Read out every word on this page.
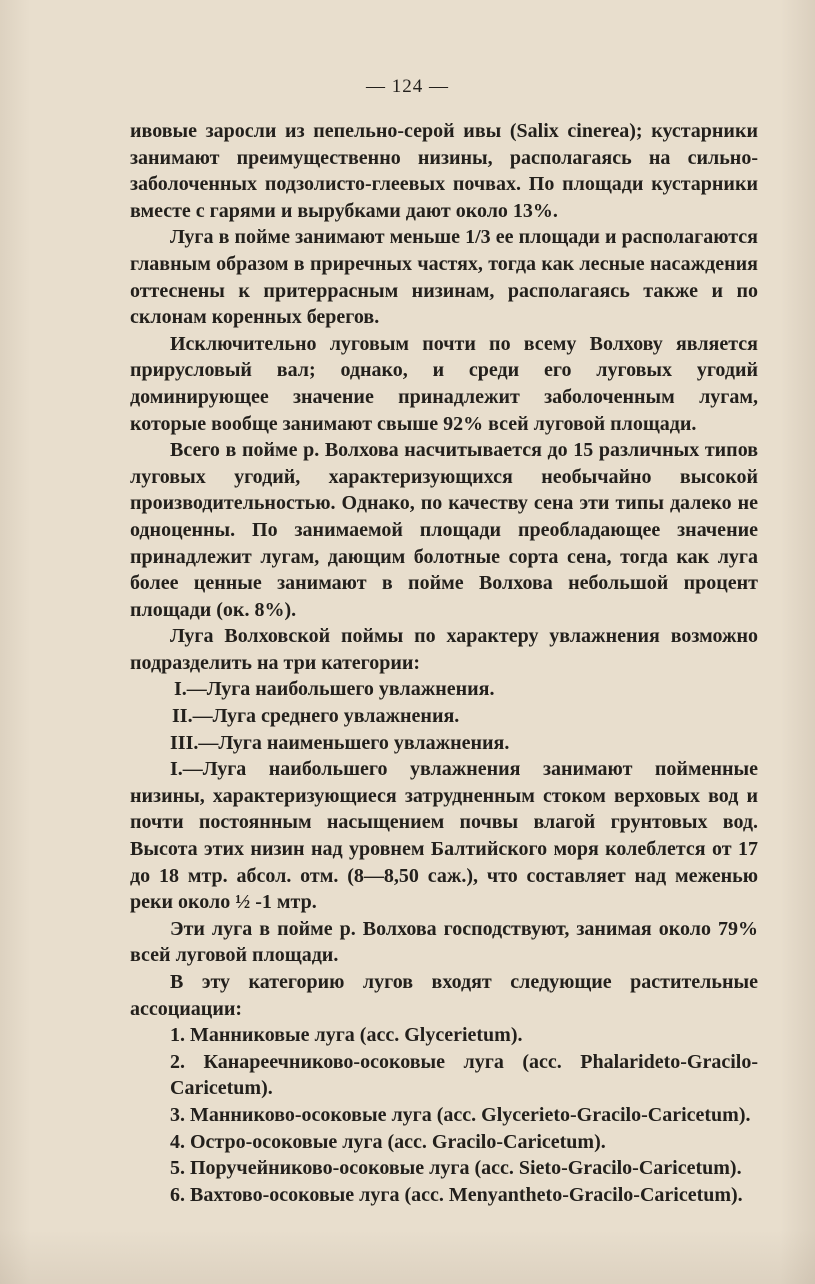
— 124 —

ивовые заросли из пепельно-серой ивы (Salix cinerea); кустарники занимают преимущественно низины, располагаясь на сильно-заболоченных подзолисто-глеевых почвах. По площади кустарники вместе с гарями и вырубками дают около 13%.

Луга в пойме занимают меньше 1/3 ее площади и располагаются главным образом в приречных частях, тогда как лесные насаждения оттеснены к притеррасным низинам, располагаясь также и по склонам коренных берегов.

Исключительно луговым почти по всему Волхову является прирусловый вал; однако, и среди его луговых угодий доминирующее значение принадлежит заболоченным лугам, которые вообще занимают свыше 92% всей луговой площади.

Всего в пойме р. Волхова насчитывается до 15 различных типов луговых угодий, характеризующихся необычайно высокой производительностью. Однако, по качеству сена эти типы далеко не одноценны. По занимаемой площади преобладающее значение принадлежит лугам, дающим болотные сорта сена, тогда как луга более ценные занимают в пойме Волхова небольшой процент площади (ок. 8%).

Луга Волховской поймы по характеру увлажнения возможно подразделить на три категории:

I.—Луга наибольшего увлажнения.

II.—Луга среднего увлажнения.

III.—Луга наименьшего увлажнения.

I.—Луга наибольшего увлажнения занимают пойменные низины, характеризующиеся затрудненным стоком верховых вод и почти постоянным насыщением почвы влагой грунтовых вод. Высота этих низин над уровнем Балтийского моря колеблется от 17 до 18 мтр. абсол. отм. (8—8,50 саж.), что составляет над меженью реки около ½ -1 мтр.

Эти луга в пойме р. Волхова господствуют, занимая около 79% всей луговой площади.

В эту категорию лугов входят следующие растительные ассоциации:

1. Манниковые луга (асс. Glycerietum).

2. Канареечниково-осоковые луга (асс. Phalarideto-Gracilo-Caricetum).

3. Манниково-осоковые луга (асс. Glycerieto-Gracilo-Caricetum).

4. Остро-осоковые луга (асс. Gracilo-Caricetum).

5. Поручейниково-осоковые луга (асс. Sieto-Gracilo-Caricetum).

6. Вахтово-осоковые луга (асс. Menyantheto-Gracilo-Caricetum).
